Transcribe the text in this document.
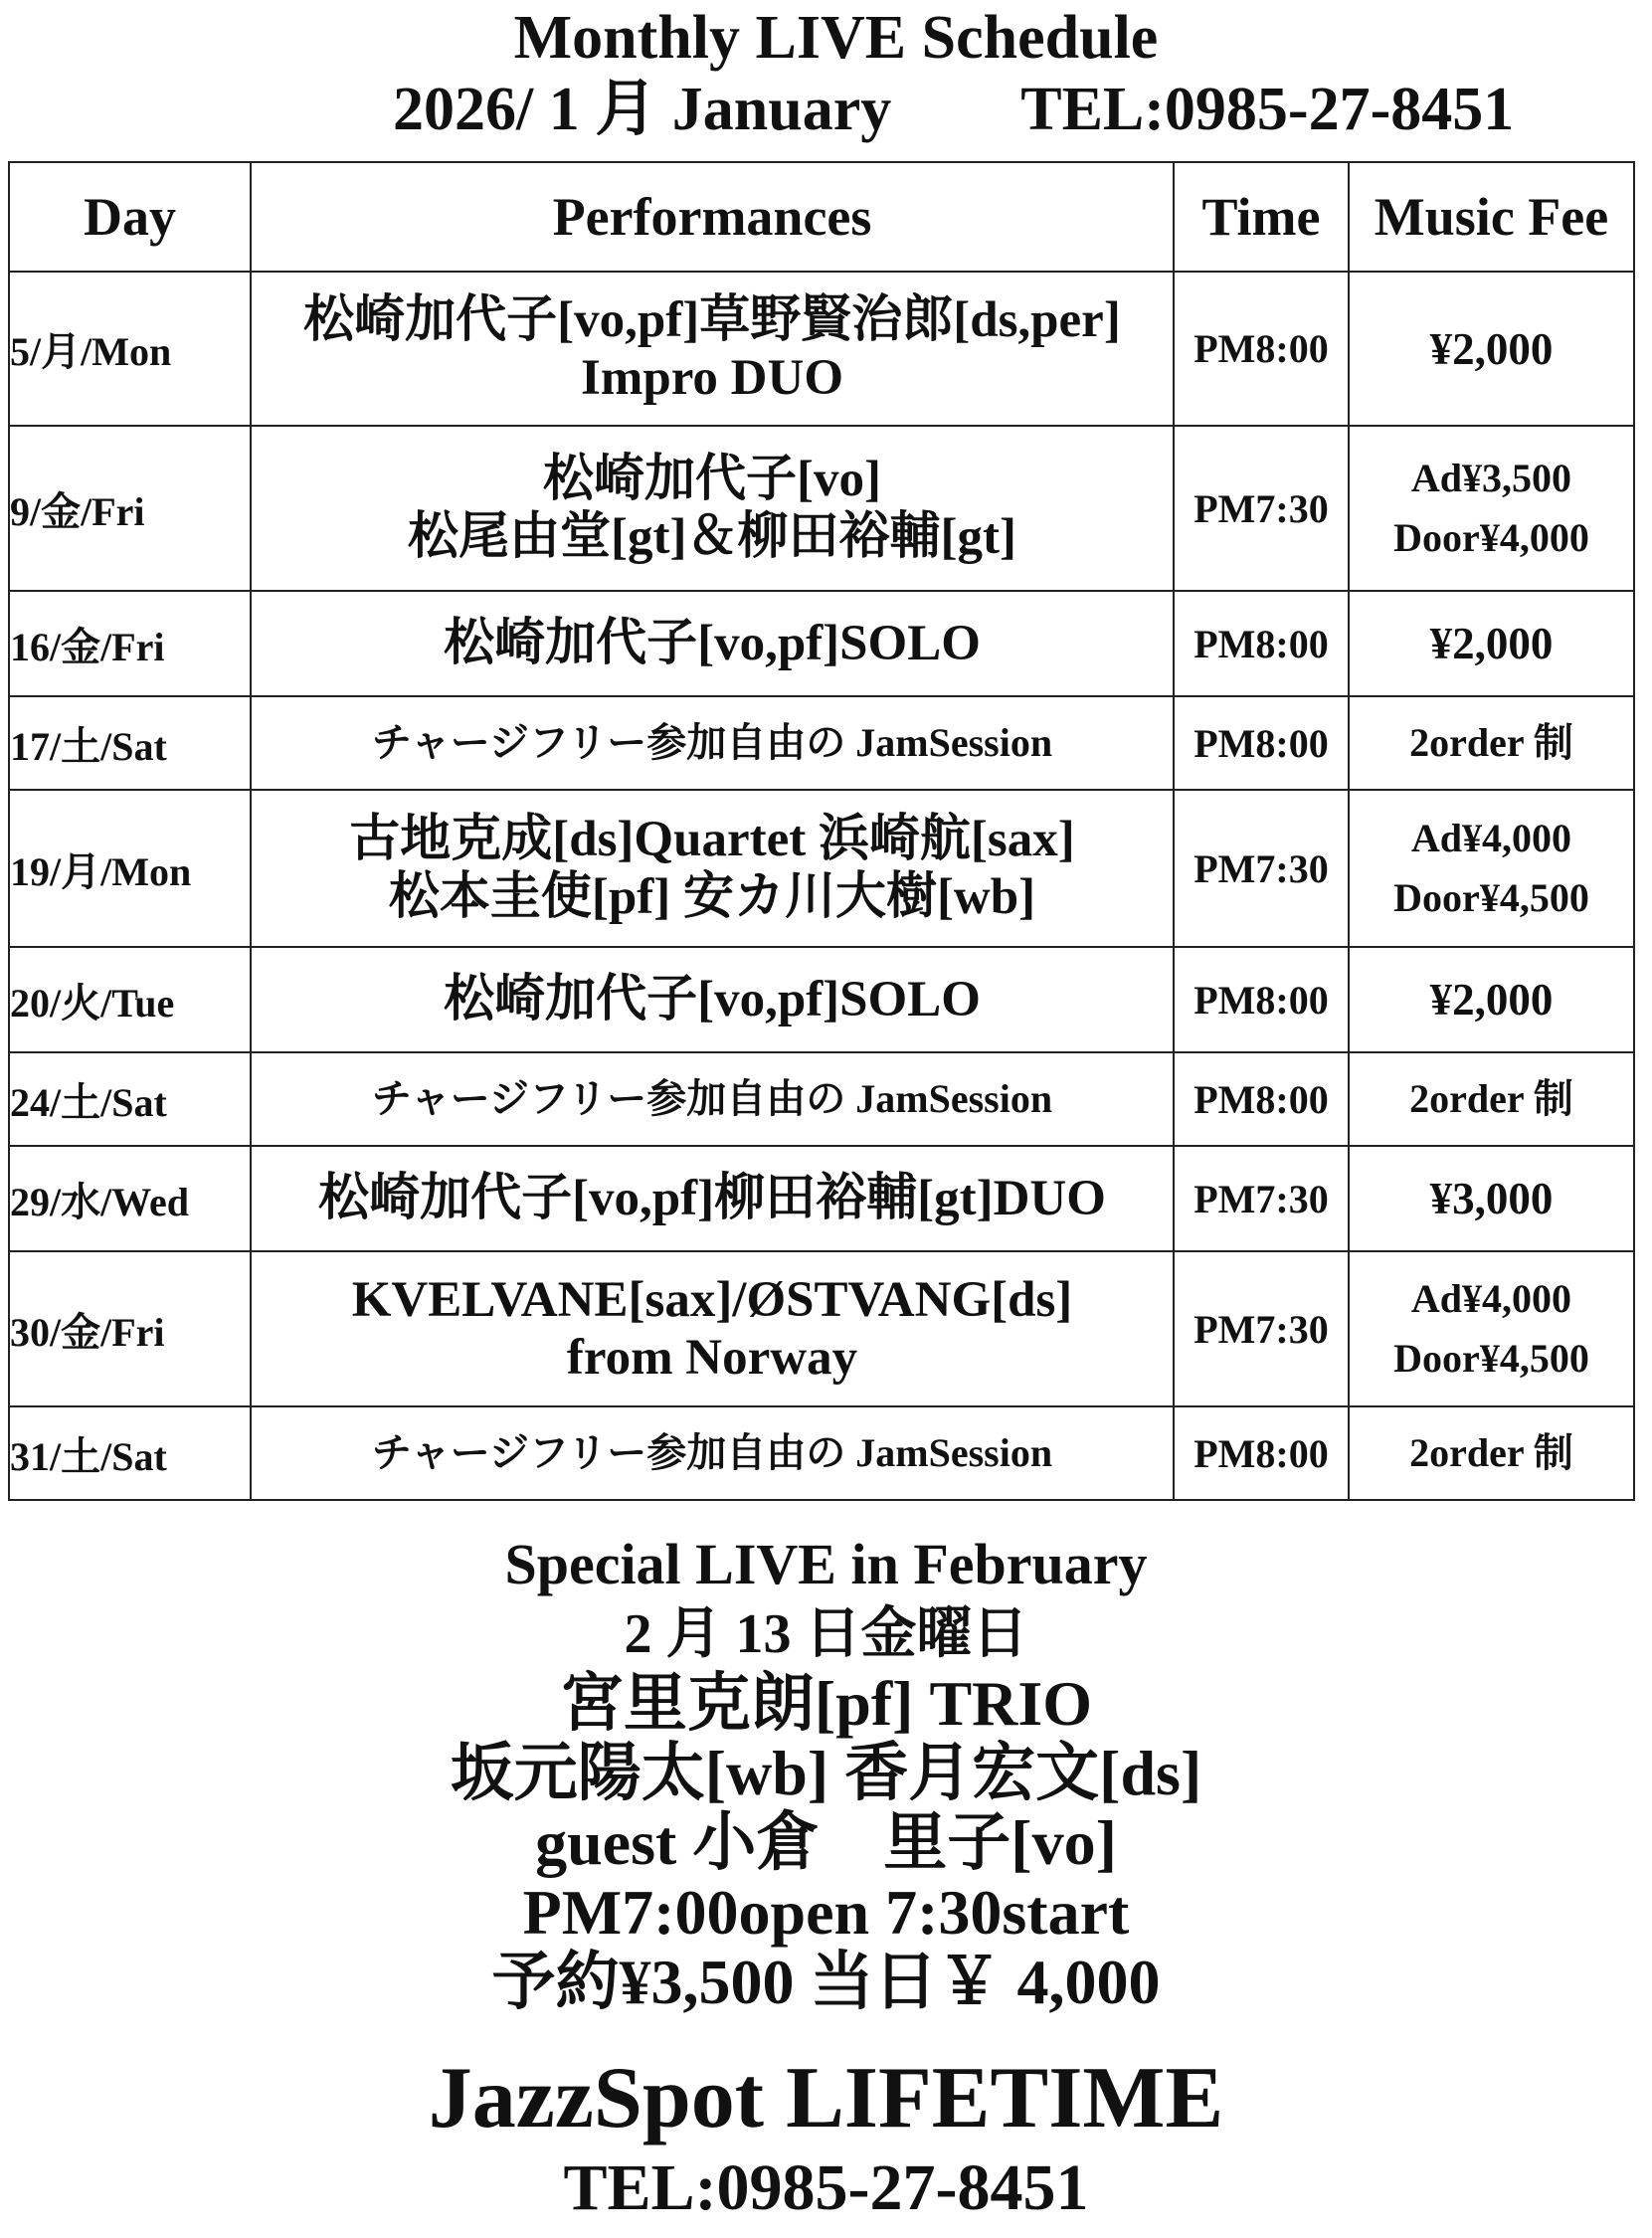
Monthly LIVE Schedule
2026/ 1 月 January TEL:0985-27-8451
Day	Performances	Time	Music Fee
5/月/Mon	松崎加代子[vo,pf]草野賢治郎[ds,per]
Impro DUO	PM8:00	¥2,000

9/金/Fri	松崎加代子[vo]
松尾由堂[gt]＆柳田裕輔[gt]	PM7:30	Ad¥3,500
Door¥4,000

16/金/Fri	松崎加代子[vo,pf]SOLO	PM8:00	¥2,000

17/土/Sat	チャージフリー参加自由の JamSession	PM8:00	2order 制

19/月/Mon	古地克成[ds]Quartet 浜崎航[sax]
松本圭使[pf] 安カ川大樹[wb]	PM7:30	Ad¥4,000
Door¥4,500

20/火/Tue	松崎加代子[vo,pf]SOLO	PM8:00	¥2,000

24/土/Sat	チャージフリー参加自由の JamSession	PM8:00	2order 制

29/水/Wed	松崎加代子[vo,pf]柳田裕輔[gt]DUO	PM7:30	¥3,000

30/金/Fri	KVELVANE[sax]/ØSTVANG[ds]
from Norway	PM7:30	Ad¥4,000
Door¥4,500

31/土/Sat	チャージフリー参加自由の JamSession	PM8:00	2order 制
Special LIVE in February
2 月 13 日金曜日
宮里克朗[pf] TRIO
坂元陽太[wb] 香月宏文[ds]
guest 小倉　里子[vo]
PM7:00open 7:30start
予約¥3,500 当日￥ 4,000
JazzSpot LIFETIME
TEL:0985-27-8451
